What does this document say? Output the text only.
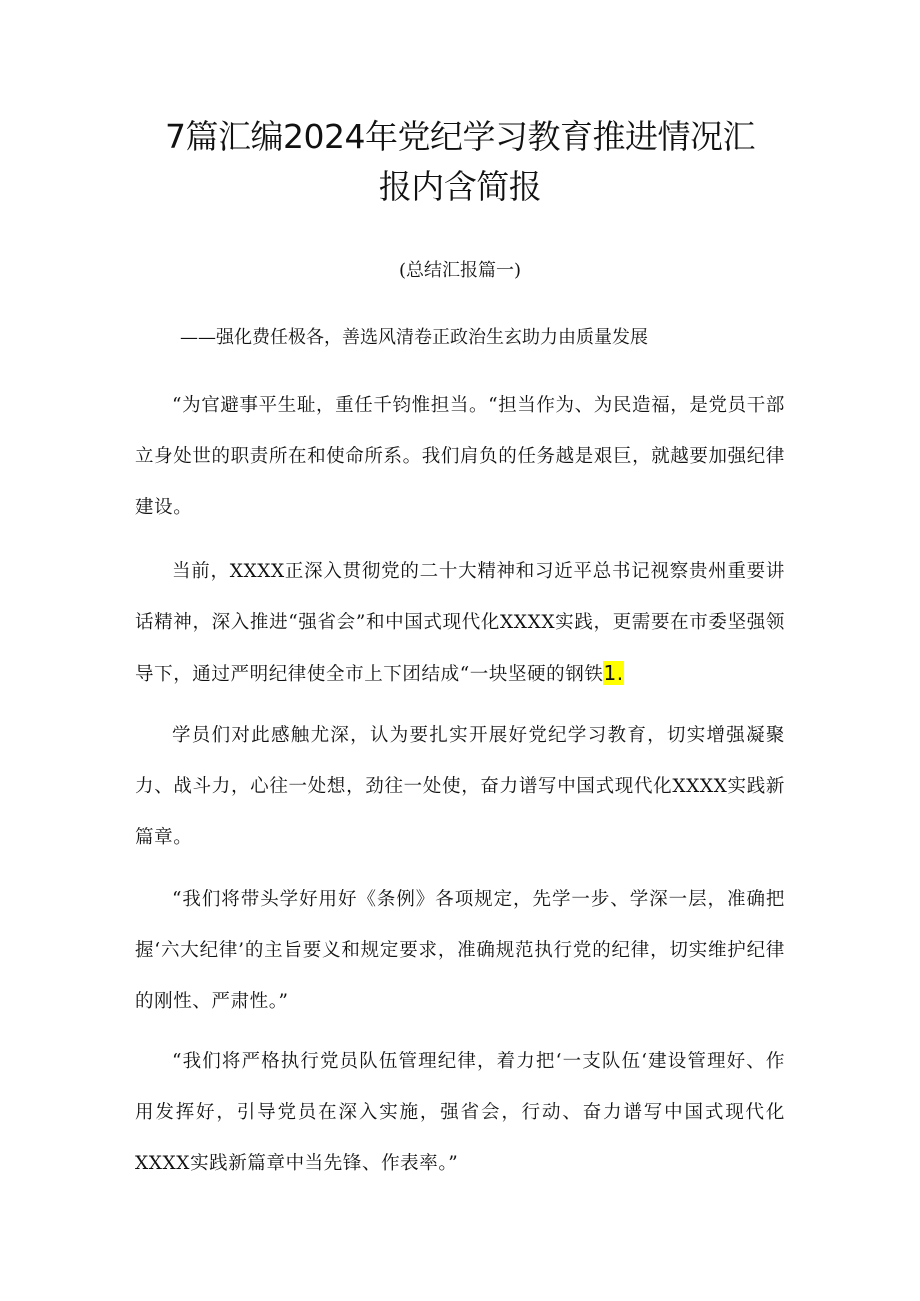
7篇汇编2024年党纪学习教育推进情况汇报内含简报
(总结汇报篇一)
——强化费任极各，善选风清卷正政治生玄助力由质量发展

“为官避事平生耻，重任千钧惟担当。“担当作为、为民造福，是党员干部立身处世的职责所在和使命所系。我们肩负的任务越是艰巨，就越要加强纪律建设。

当前，XXXX正深入贯彻党的二十大精神和习近平总书记视察贵州重要讲话精神，深入推进“强省会”和中国式现代化XXXX实践，更需要在市委坚强领导下，通过严明纪律使全市上下团结成“一块坚硬的钢铁1.

学员们对此感触尤深，认为要扎实开展好党纪学习教育，切实增强凝聚力、战斗力，心往一处想，劲往一处使，奋力谱写中国式现代化XXXX实践新篇章。

“我们将带头学好用好《条例》各项规定，先学一步、学深一层，准确把握‘六大纪律’的主旨要义和规定要求，准确规范执行党的纪律，切实维护纪律的刚性、严肃性。”

“我们将严格执行党员队伍管理纪律，着力把‘一支队伍‘建设管理好、作用发挥好，引导党员在深入实施，强省会，行动、奋力谱写中国式现代化XXXX实践新篇章中当先锋、作表率。”
